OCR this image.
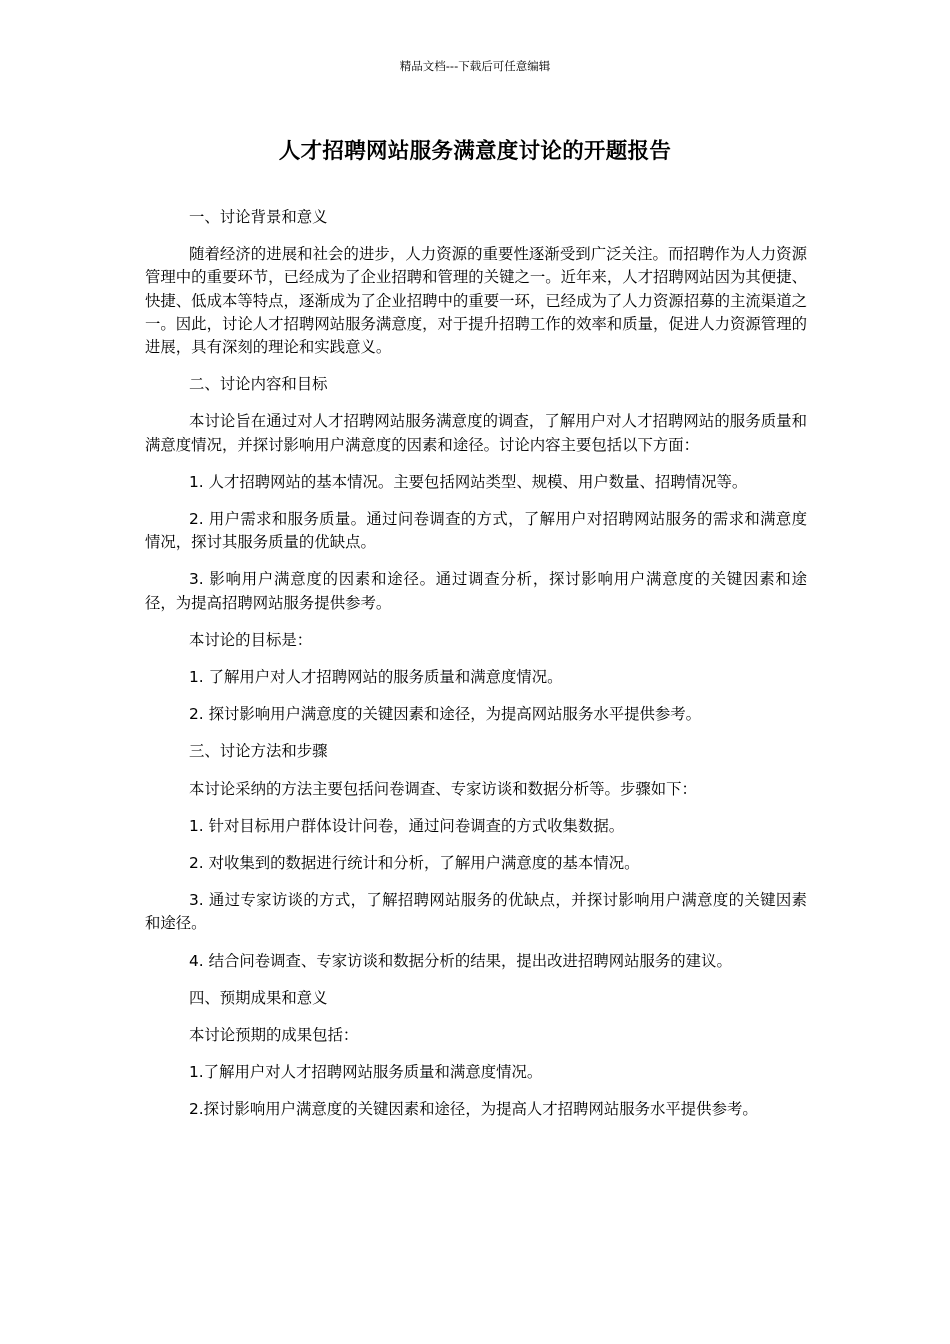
精品文档---下载后可任意编辑
人才招聘网站服务满意度讨论的开题报告

一、讨论背景和意义

随着经济的进展和社会的进步，人力资源的重要性逐渐受到广泛关注。而招聘作为人力资源管理中的重要环节，已经成为了企业招聘和管理的关键之一。近年来，人才招聘网站因为其便捷、快捷、低成本等特点，逐渐成为了企业招聘中的重要一环，已经成为了人力资源招募的主流渠道之一。因此，讨论人才招聘网站服务满意度，对于提升招聘工作的效率和质量，促进人力资源管理的进展，具有深刻的理论和实践意义。

二、讨论内容和目标

本讨论旨在通过对人才招聘网站服务满意度的调查，了解用户对人才招聘网站的服务质量和满意度情况，并探讨影响用户满意度的因素和途径。讨论内容主要包括以下方面：

1. 人才招聘网站的基本情况。主要包括网站类型、规模、用户数量、招聘情况等。

2. 用户需求和服务质量。通过问卷调查的方式，了解用户对招聘网站服务的需求和满意度情况，探讨其服务质量的优缺点。

3. 影响用户满意度的因素和途径。通过调查分析，探讨影响用户满意度的关键因素和途径，为提高招聘网站服务提供参考。

本讨论的目标是：

1. 了解用户对人才招聘网站的服务质量和满意度情况。

2. 探讨影响用户满意度的关键因素和途径，为提高网站服务水平提供参考。

三、讨论方法和步骤

本讨论采纳的方法主要包括问卷调查、专家访谈和数据分析等。步骤如下：

1. 针对目标用户群体设计问卷，通过问卷调查的方式收集数据。

2. 对收集到的数据进行统计和分析，了解用户满意度的基本情况。

3. 通过专家访谈的方式，了解招聘网站服务的优缺点，并探讨影响用户满意度的关键因素和途径。

4. 结合问卷调查、专家访谈和数据分析的结果，提出改进招聘网站服务的建议。

四、预期成果和意义

本讨论预期的成果包括：

1.了解用户对人才招聘网站服务质量和满意度情况。

2.探讨影响用户满意度的关键因素和途径，为提高人才招聘网站服务水平提供参考。
